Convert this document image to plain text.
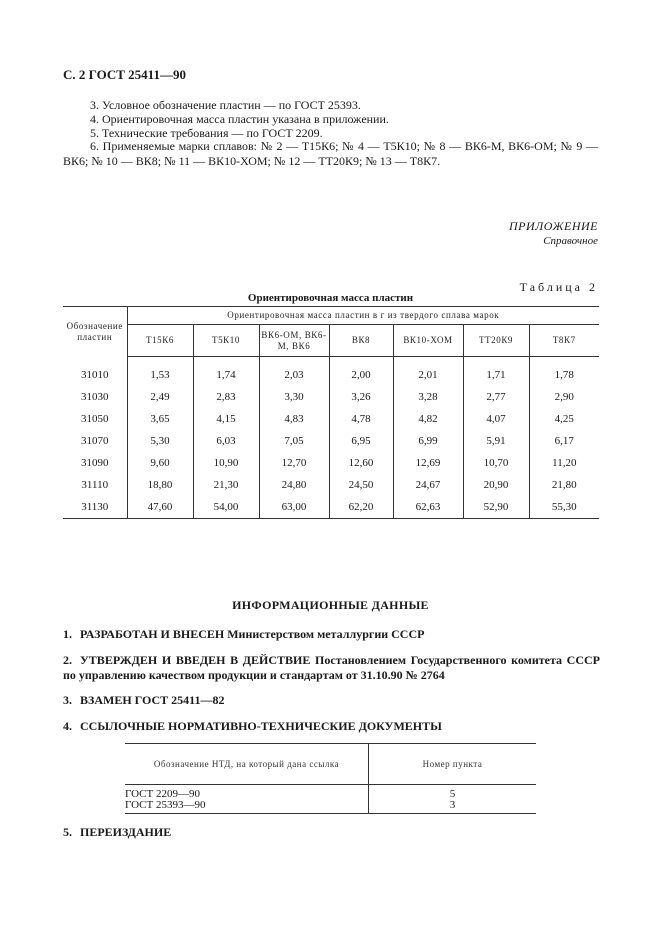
С. 2 ГОСТ 25411—90
3. Условное обозначение пластин — по ГОСТ 25393.
4. Ориентировочная масса пластин указана в приложении.
5. Технические требования — по ГОСТ 2209.
6. Применяемые марки сплавов: № 2 — Т15К6; № 4 — Т5К10; № 8 — ВК6-М, ВК6-ОМ; № 9 — ВК6; № 10 — ВК8; № 11 — ВК10-ХОМ; № 12 — ТТ20К9; № 13 — Т8К7.
ПРИЛОЖЕНИЕ
Справочное
Таблица 2
Ориентировочная масса пластин
Обозначение пластин	Ориентировочная масса пластин в г из твердого сплава марок						
	Т15К6	Т5К10	ВК6-ОМ, ВК6-М, ВК6	ВК8	ВК10-ХОМ	ТТ20К9	Т8К7
31010	1,53	1,74	2,03	2,00	2,01	1,71	1,78
31030	2,49	2,83	3,30	3,26	3,28	2,77	2,90
31050	3,65	4,15	4,83	4,78	4,82	4,07	4,25
31070	5,30	6,03	7,05	6,95	6,99	5,91	6,17
31090	9,60	10,90	12,70	12,60	12,69	10,70	11,20
31110	18,80	21,30	24,80	24,50	24,67	20,90	21,80
31130	47,60	54,00	63,00	62,20	62,63	52,90	55,30
ИНФОРМАЦИОННЫЕ ДАННЫЕ
1. РАЗРАБОТАН И ВНЕСЕН Министерством металлургии СССР
2. УТВЕРЖДЕН И ВВЕДЕН В ДЕЙСТВИЕ Постановлением Государственного комитета СССР по управлению качеством продукции и стандартам от 31.10.90 № 2764
3. ВЗАМЕН ГОСТ 25411—82
4. ССЫЛОЧНЫЕ НОРМАТИВНО-ТЕХНИЧЕСКИЕ ДОКУМЕНТЫ
Обозначение НТД, на который дана ссылка	Номер пункта
ГОСТ 2209—90	5
ГОСТ 25393—90	3
5. ПЕРЕИЗДАНИЕ
